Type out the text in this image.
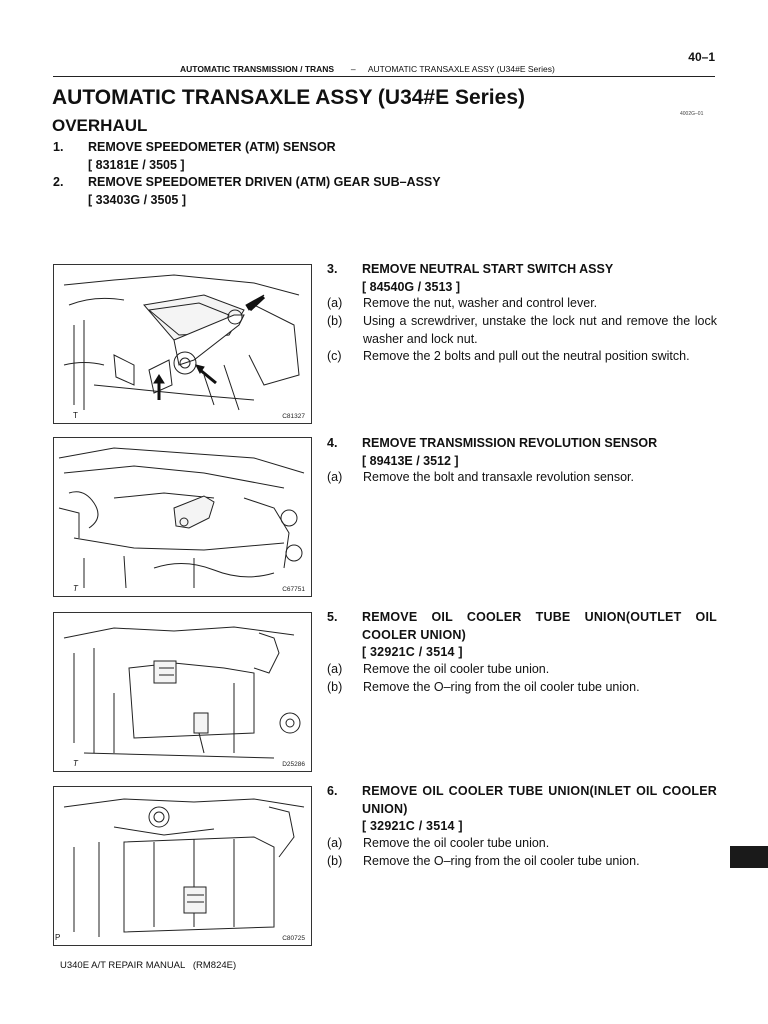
40–1
AUTOMATIC TRANSMISSION / TRANS – AUTOMATIC TRANSAXLE ASSY (U34#E Series)
AUTOMATIC TRANSAXLE ASSY (U34#E Series)
OVERHAUL
4002G–01
1. REMOVE SPEEDOMETER (ATM) SENSOR
[ 83181E / 3505 ]
2. REMOVE SPEEDOMETER DRIVEN (ATM) GEAR SUB–ASSY
[ 33403G / 3505 ]
T	C81327
3. REMOVE NEUTRAL START SWITCH ASSY
[ 84540G / 3513 ]
(a) Remove the nut, washer and control lever.
(b) Using a screwdriver, unstake the lock nut and remove the lock washer and lock nut.
(c) Remove the 2 bolts and pull out the neutral position switch.
T	C67751
4. REMOVE TRANSMISSION REVOLUTION SENSOR
[ 89413E / 3512 ]
(a) Remove the bolt and transaxle revolution sensor.
T	D25286
5. REMOVE OIL COOLER TUBE UNION(OUTLET OIL COOLER UNION)
[ 32921C / 3514 ]
(a) Remove the oil cooler tube union.
(b) Remove the O–ring from the oil cooler tube union.
P	C80725
6. REMOVE OIL COOLER TUBE UNION(INLET OIL COOLER UNION)
[ 32921C / 3514 ]
(a) Remove the oil cooler tube union.
(b) Remove the O–ring from the oil cooler tube union.
U340E A/T REPAIR MANUAL   (RM824E)
